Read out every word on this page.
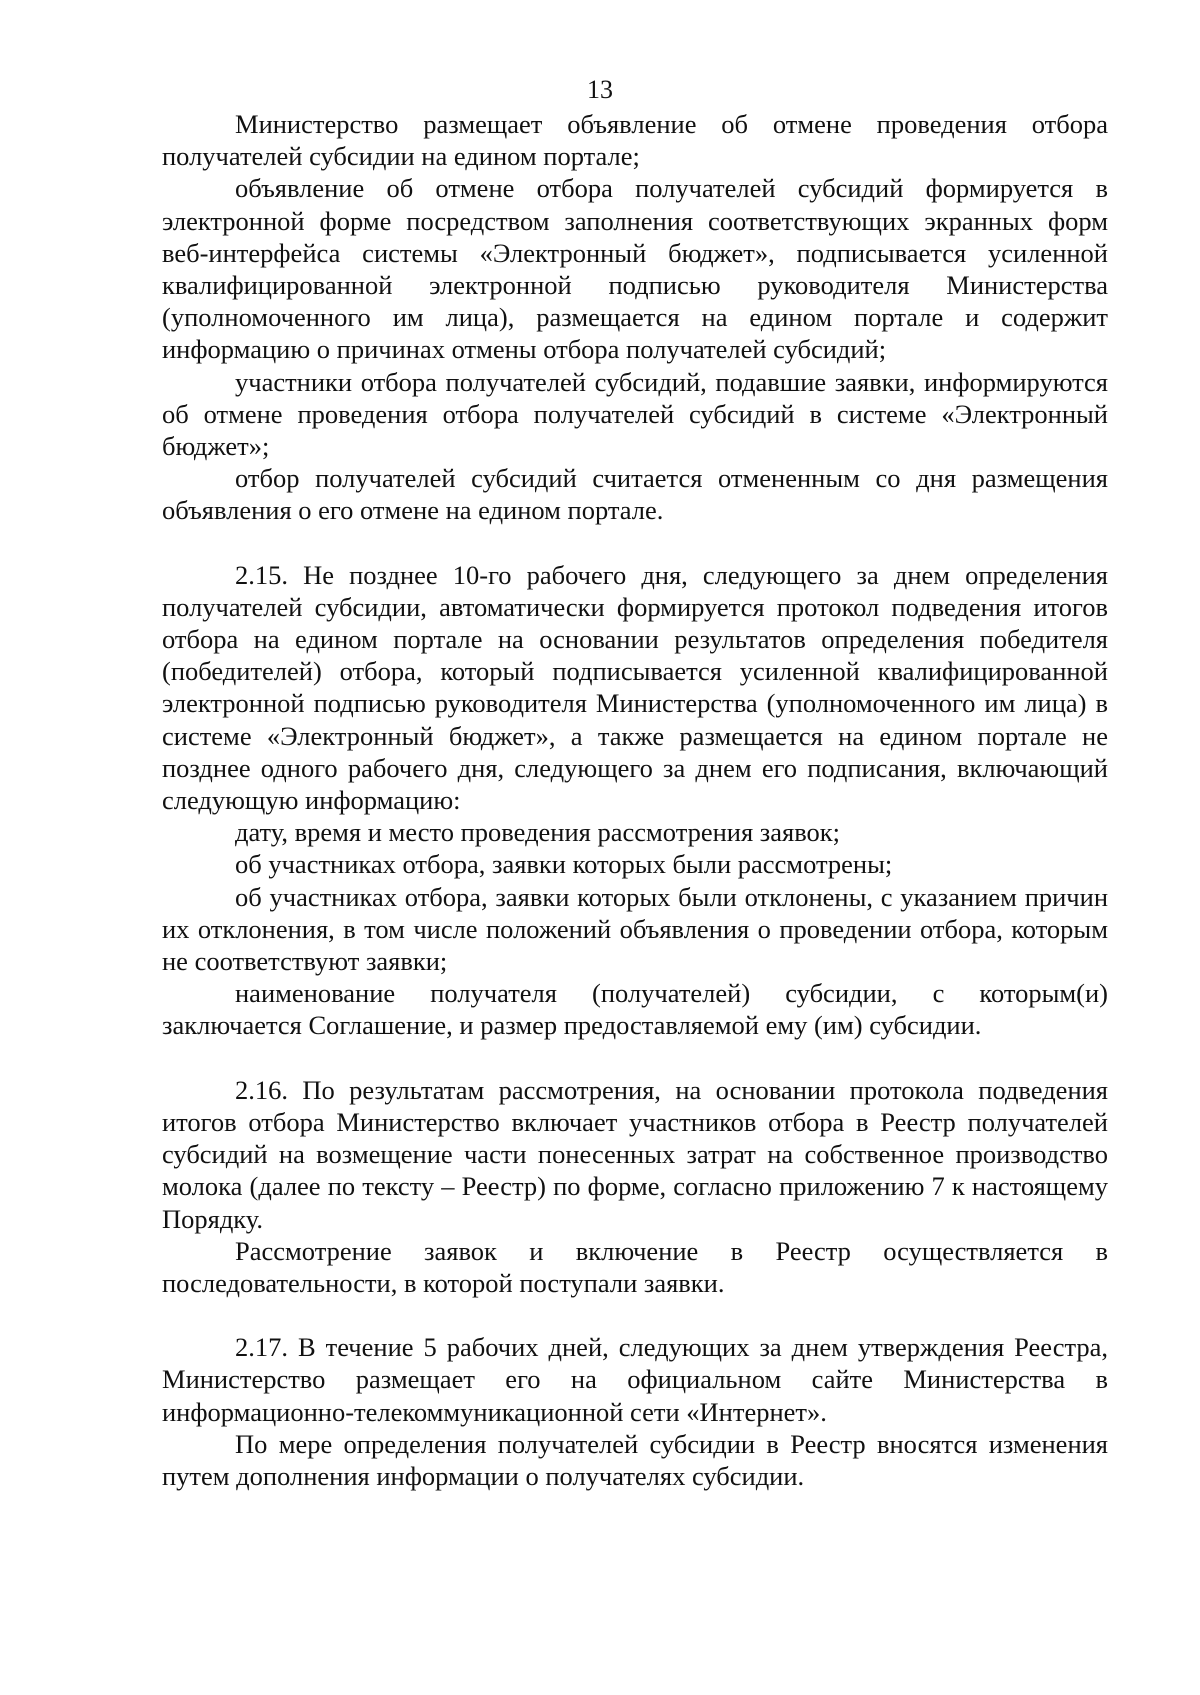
13

Министерство размещает объявление об отмене проведения отбора получателей субсидии на едином портале;

объявление об отмене отбора получателей субсидий формируется в электронной форме посредством заполнения соответствующих экранных форм веб-интерфейса системы «Электронный бюджет», подписывается усиленной квалифицированной электронной подписью руководителя Министерства (уполномоченного им лица), размещается на едином портале и содержит информацию о причинах отмены отбора получателей субсидий;

участники отбора получателей субсидий, подавшие заявки, информируются об отмене проведения отбора получателей субсидий в системе «Электронный бюджет»;

отбор получателей субсидий считается отмененным со дня размещения объявления о его отмене на едином портале.

2.15. Не позднее 10-го рабочего дня, следующего за днем определения получателей субсидии, автоматически формируется протокол подведения итогов отбора на едином портале на основании результатов определения победителя (победителей) отбора, который подписывается усиленной квалифицированной электронной подписью руководителя Министерства (уполномоченного им лица) в системе «Электронный бюджет», а также размещается на едином портале не позднее одного рабочего дня, следующего за днем его подписания, включающий следующую информацию:

дату, время и место проведения рассмотрения заявок;

об участниках отбора, заявки которых были рассмотрены;

об участниках отбора, заявки которых были отклонены, с указанием причин их отклонения, в том числе положений объявления о проведении отбора, которым не соответствуют заявки;

наименование получателя (получателей) субсидии, с которым(и) заключается Соглашение, и размер предоставляемой ему (им) субсидии.

2.16. По результатам рассмотрения, на основании протокола подведения итогов отбора Министерство включает участников отбора в Реестр получателей субсидий на возмещение части понесенных затрат на собственное производство молока (далее по тексту – Реестр) по форме, согласно приложению 7 к настоящему Порядку.

Рассмотрение заявок и включение в Реестр осуществляется в последовательности, в которой поступали заявки.

2.17. В течение 5 рабочих дней, следующих за днем утверждения Реестра, Министерство размещает его на официальном сайте Министерства в информационно-телекоммуникационной сети «Интернет».

По мере определения получателей субсидии в Реестр вносятся изменения путем дополнения информации о получателях субсидии.
